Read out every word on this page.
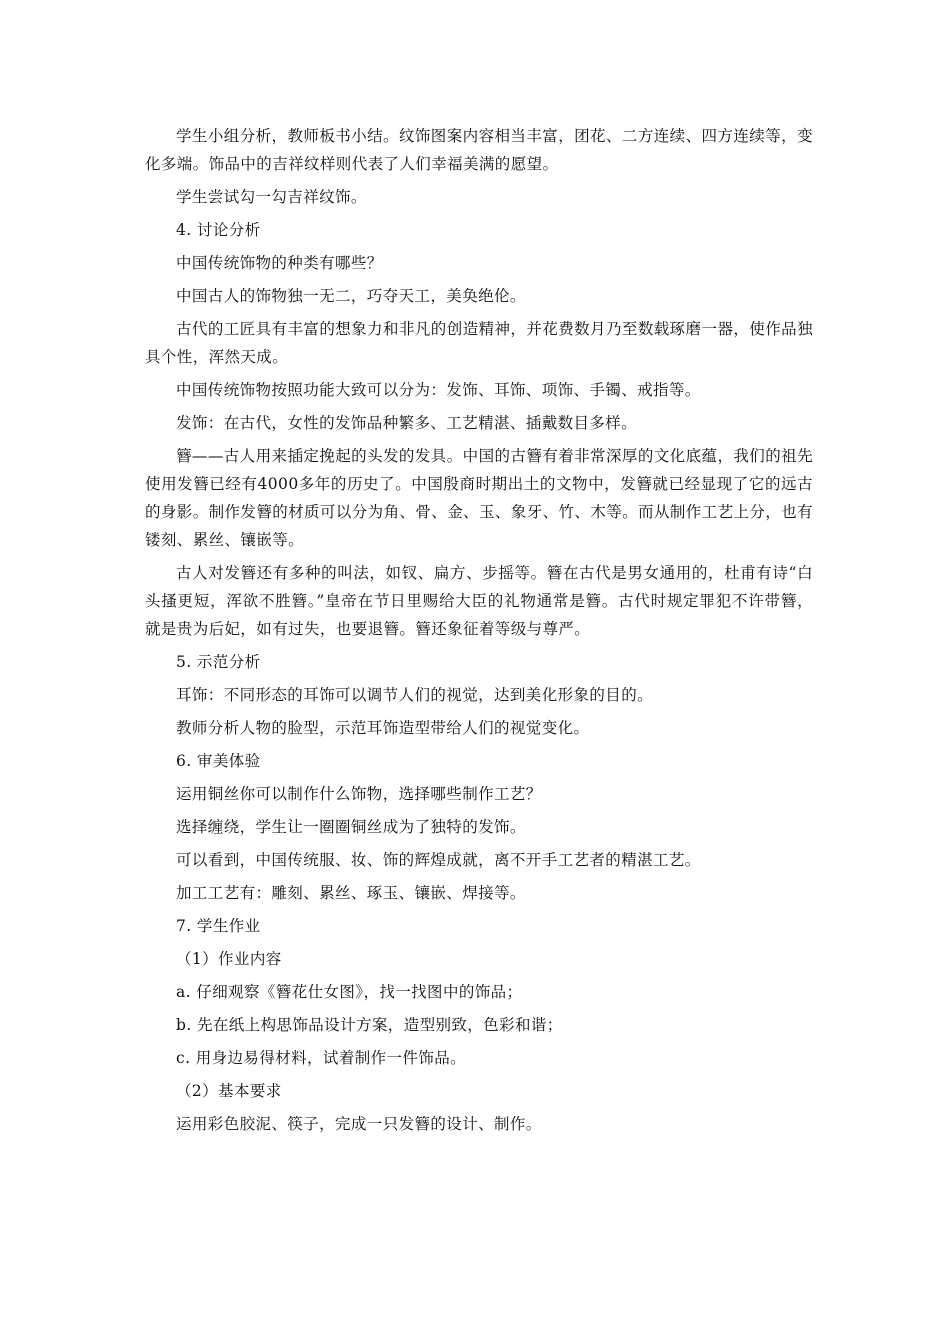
学生小组分析，教师板书小结。纹饰图案内容相当丰富，团花、二方连续、四方连续等，变化多端。饰品中的吉祥纹样则代表了人们幸福美满的愿望。

学生尝试勾一勾吉祥纹饰。

4. 讨论分析

中国传统饰物的种类有哪些？

中国古人的饰物独一无二，巧夺天工，美奂绝伦。

古代的工匠具有丰富的想象力和非凡的创造精神，并花费数月乃至数载琢磨一器，使作品独具个性，浑然天成。

中国传统饰物按照功能大致可以分为：发饰、耳饰、项饰、手镯、戒指等。

发饰：在古代，女性的发饰品种繁多、工艺精湛、插戴数目多样。

簪——古人用来插定挽起的头发的发具。中国的古簪有着非常深厚的文化底蕴，我们的祖先使用发簪已经有4000多年的历史了。中国殷商时期出土的文物中，发簪就已经显现了它的远古的身影。制作发簪的材质可以分为角、骨、金、玉、象牙、竹、木等。而从制作工艺上分，也有镂刻、累丝、镶嵌等。

古人对发簪还有多种的叫法，如钗、扁方、步摇等。簪在古代是男女通用的，杜甫有诗“白头搔更短，浑欲不胜簪。”皇帝在节日里赐给大臣的礼物通常是簪。古代时规定罪犯不许带簪，就是贵为后妃，如有过失，也要退簪。簪还象征着等级与尊严。

5. 示范分析

耳饰：不同形态的耳饰可以调节人们的视觉，达到美化形象的目的。

教师分析人物的脸型，示范耳饰造型带给人们的视觉变化。

6. 审美体验

运用铜丝你可以制作什么饰物，选择哪些制作工艺？

选择缠绕，学生让一圈圈铜丝成为了独特的发饰。

可以看到，中国传统服、妆、饰的辉煌成就，离不开手工艺者的精湛工艺。

加工工艺有：雕刻、累丝、琢玉、镶嵌、焊接等。

7. 学生作业

（1）作业内容

a. 仔细观察《簪花仕女图》，找一找图中的饰品；

b. 先在纸上构思饰品设计方案，造型别致，色彩和谐；

c. 用身边易得材料，试着制作一件饰品。

（2）基本要求

运用彩色胶泥、筷子，完成一只发簪的设计、制作。
